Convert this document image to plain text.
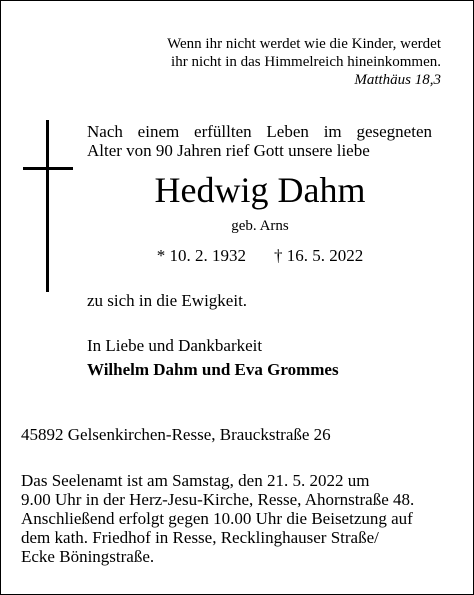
Wenn ihr nicht werdet wie die Kinder, werdet
ihr nicht in das Himmelreich hineinkommen.
Matthäus 18,3
Nach einem erfüllten Leben im gesegneten
Alter von 90 Jahren rief Gott unsere liebe
Hedwig Dahm
geb. Arns
* 10. 2. 1932 † 16. 5. 2022
zu sich in die Ewigkeit.
In Liebe und Dankbarkeit
Wilhelm Dahm und Eva Grommes
45892 Gelsenkirchen-Resse, Brauckstraße 26
Das Seelenamt ist am Samstag, den 21. 5. 2022 um
9.00 Uhr in der Herz-Jesu-Kirche, Resse, Ahornstraße 48.
Anschließend erfolgt gegen 10.00 Uhr die Beisetzung auf
dem kath. Friedhof in Resse, Recklinghauser Straße/
Ecke Böningstraße.
